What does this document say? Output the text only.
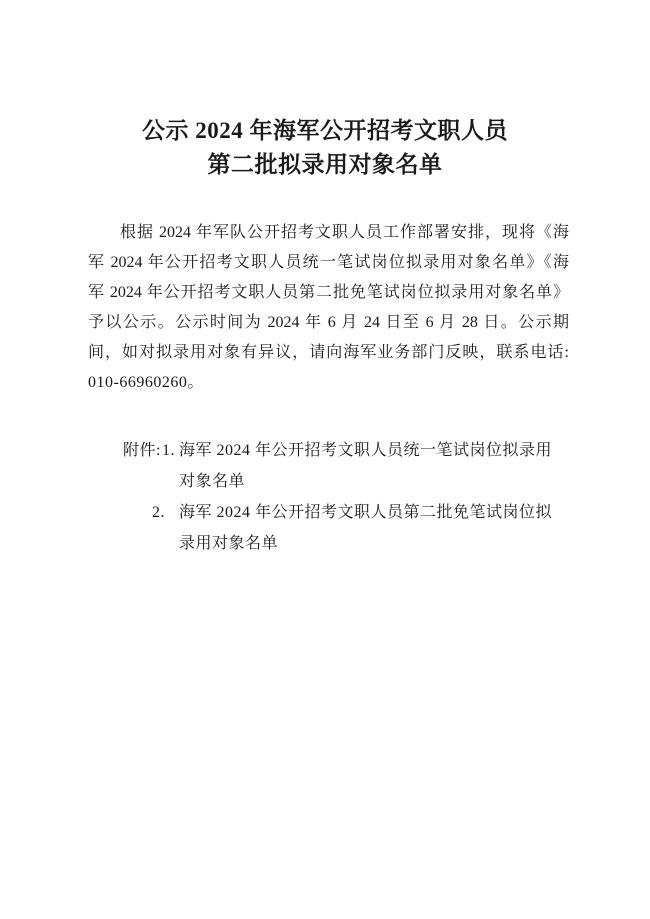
公示 2024 年海军公开招考文职人员
第二批拟录用对象名单
根据 2024 年军队公开招考文职人员工作部署安排，现将《海
军 2024 年公开招考文职人员统一笔试岗位拟录用对象名单》《海
军 2024 年公开招考文职人员第二批免笔试岗位拟录用对象名单》
予以公示。公示时间为 2024 年 6 月 24 日至 6 月 28 日。公示期
间，如对拟录用对象有异议，请向海军业务部门反映，联系电话:
010-66960260。
附件:1. 海军 2024 年公开招考文职人员统一笔试岗位拟录用
对象名单
2. 海军 2024 年公开招考文职人员第二批免笔试岗位拟
录用对象名单
